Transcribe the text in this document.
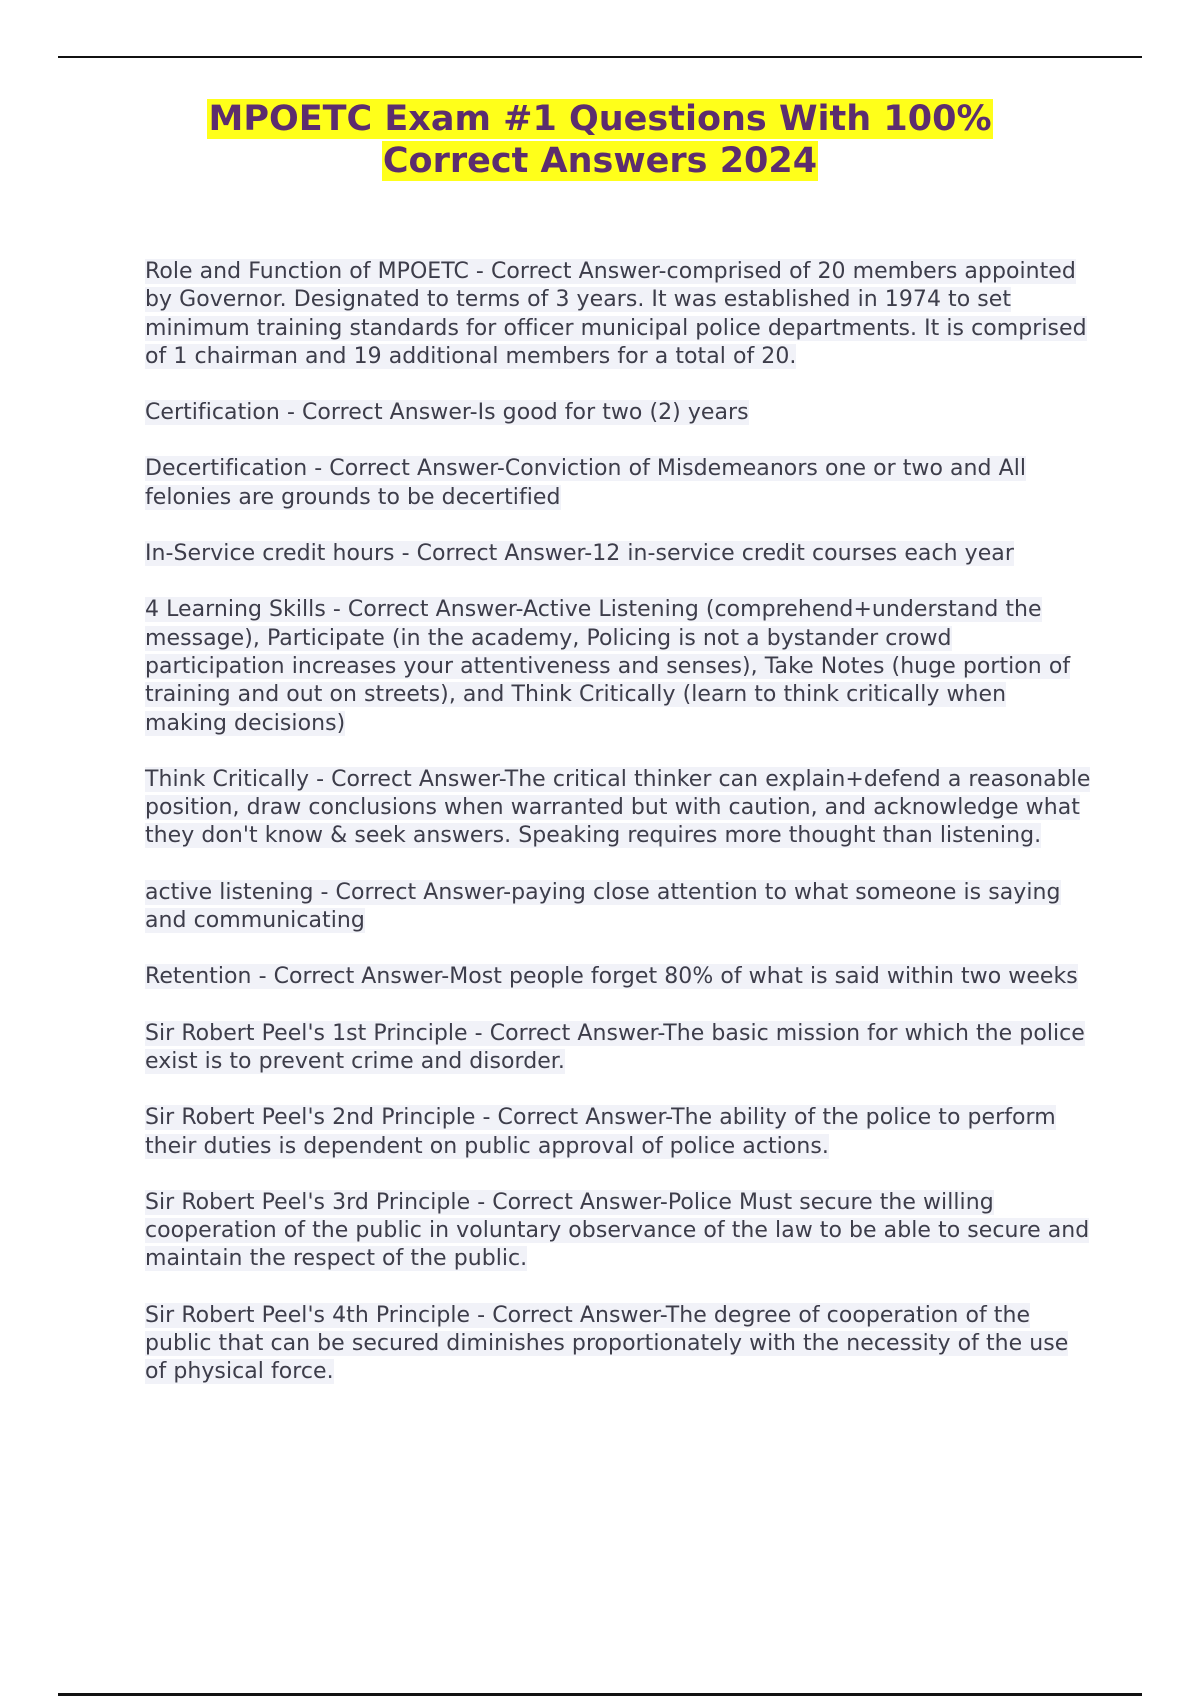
MPOETC Exam #1 Questions With 100% Correct Answers 2024

Role and Function of MPOETC - Correct Answer-comprised of 20 members appointed by Governor. Designated to terms of 3 years. It was established in 1974 to set minimum training standards for officer municipal police departments. It is comprised of 1 chairman and 19 additional members for a total of 20.

Certification - Correct Answer-Is good for two (2) years

Decertification - Correct Answer-Conviction of Misdemeanors one or two and All felonies are grounds to be decertified

In-Service credit hours - Correct Answer-12 in-service credit courses each year

4 Learning Skills - Correct Answer-Active Listening (comprehend+understand the message), Participate (in the academy, Policing is not a bystander crowd participation increases your attentiveness and senses), Take Notes (huge portion of training and out on streets), and Think Critically (learn to think critically when making decisions)

Think Critically - Correct Answer-The critical thinker can explain+defend a reasonable position, draw conclusions when warranted but with caution, and acknowledge what they don't know & seek answers. Speaking requires more thought than listening.

active listening - Correct Answer-paying close attention to what someone is saying and communicating

Retention - Correct Answer-Most people forget 80% of what is said within two weeks

Sir Robert Peel's 1st Principle - Correct Answer-The basic mission for which the police exist is to prevent crime and disorder.

Sir Robert Peel's 2nd Principle - Correct Answer-The ability of the police to perform their duties is dependent on public approval of police actions.

Sir Robert Peel's 3rd Principle - Correct Answer-Police Must secure the willing cooperation of the public in voluntary observance of the law to be able to secure and maintain the respect of the public.

Sir Robert Peel's 4th Principle - Correct Answer-The degree of cooperation of the public that can be secured diminishes proportionately with the necessity of the use of physical force.
